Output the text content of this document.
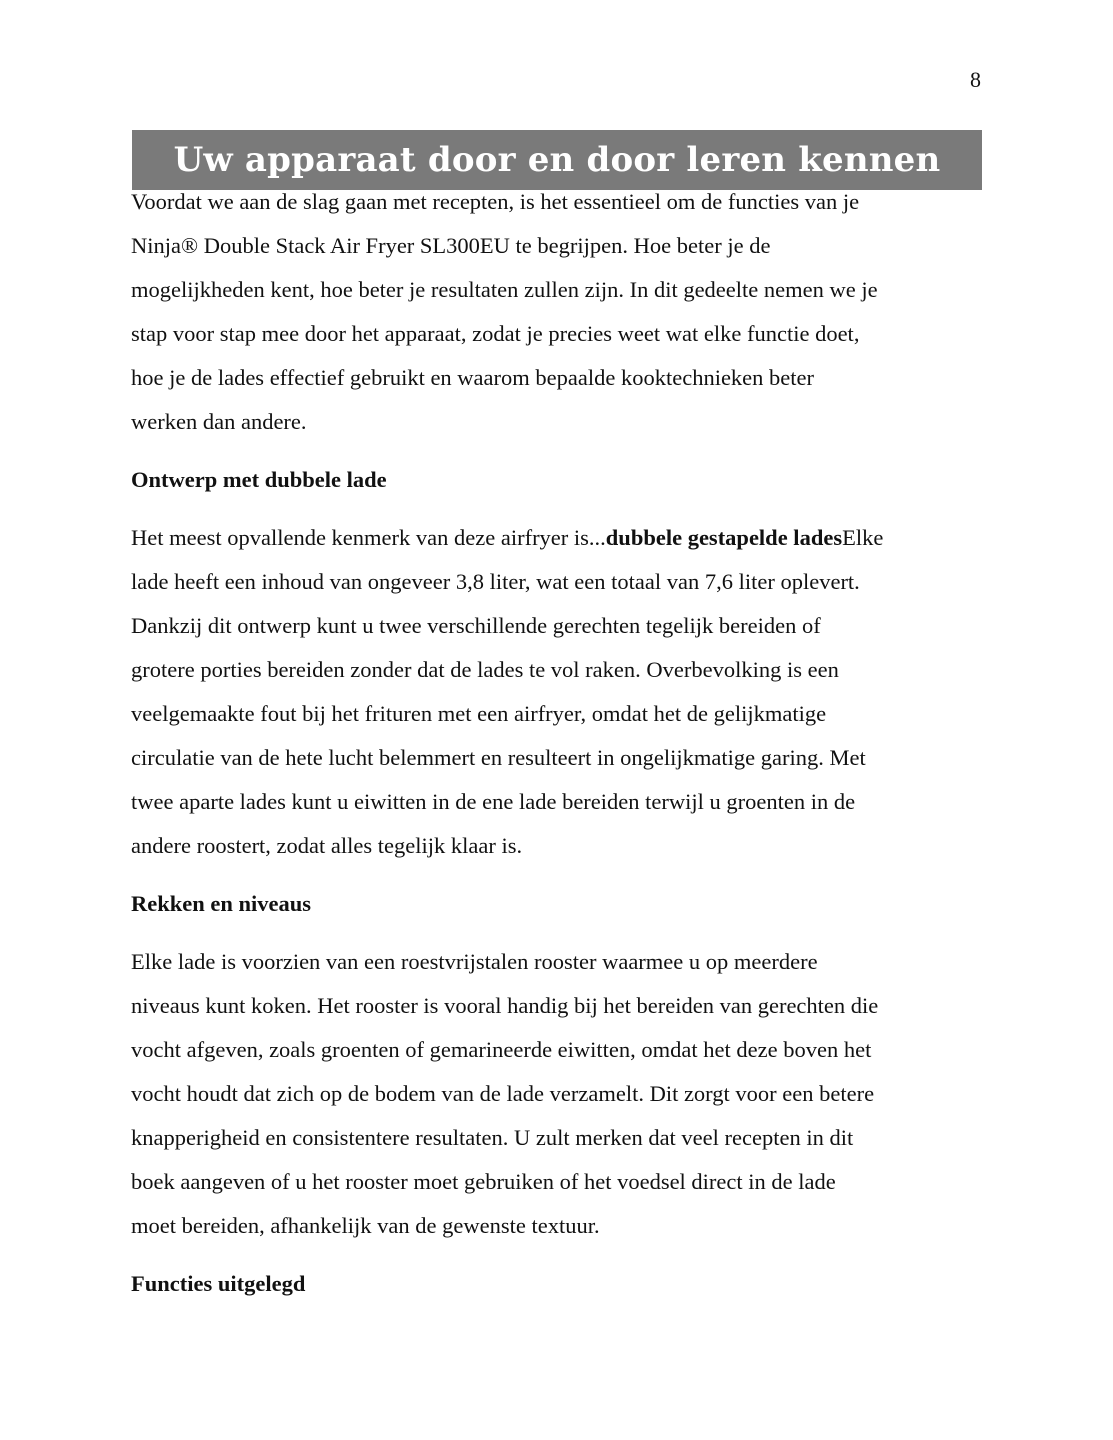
8
Uw apparaat door en door leren kennen
Voordat we aan de slag gaan met recepten, is het essentieel om de functies van je
Ninja® Double Stack Air Fryer SL300EU te begrijpen. Hoe beter je de
mogelijkheden kent, hoe beter je resultaten zullen zijn. In dit gedeelte nemen we je
stap voor stap mee door het apparaat, zodat je precies weet wat elke functie doet,
hoe je de lades effectief gebruikt en waarom bepaalde kooktechnieken beter
werken dan andere.
Ontwerp met dubbele lade
Het meest opvallende kenmerk van deze airfryer is...dubbele gestapelde ladesElke
lade heeft een inhoud van ongeveer 3,8 liter, wat een totaal van 7,6 liter oplevert.
Dankzij dit ontwerp kunt u twee verschillende gerechten tegelijk bereiden of
grotere porties bereiden zonder dat de lades te vol raken. Overbevolking is een
veelgemaakte fout bij het frituren met een airfryer, omdat het de gelijkmatige
circulatie van de hete lucht belemmert en resulteert in ongelijkmatige garing. Met
twee aparte lades kunt u eiwitten in de ene lade bereiden terwijl u groenten in de
andere roostert, zodat alles tegelijk klaar is.
Rekken en niveaus
Elke lade is voorzien van een roestvrijstalen rooster waarmee u op meerdere
niveaus kunt koken. Het rooster is vooral handig bij het bereiden van gerechten die
vocht afgeven, zoals groenten of gemarineerde eiwitten, omdat het deze boven het
vocht houdt dat zich op de bodem van de lade verzamelt. Dit zorgt voor een betere
knapperigheid en consistentere resultaten. U zult merken dat veel recepten in dit
boek aangeven of u het rooster moet gebruiken of het voedsel direct in de lade
moet bereiden, afhankelijk van de gewenste textuur.
Functies uitgelegd
